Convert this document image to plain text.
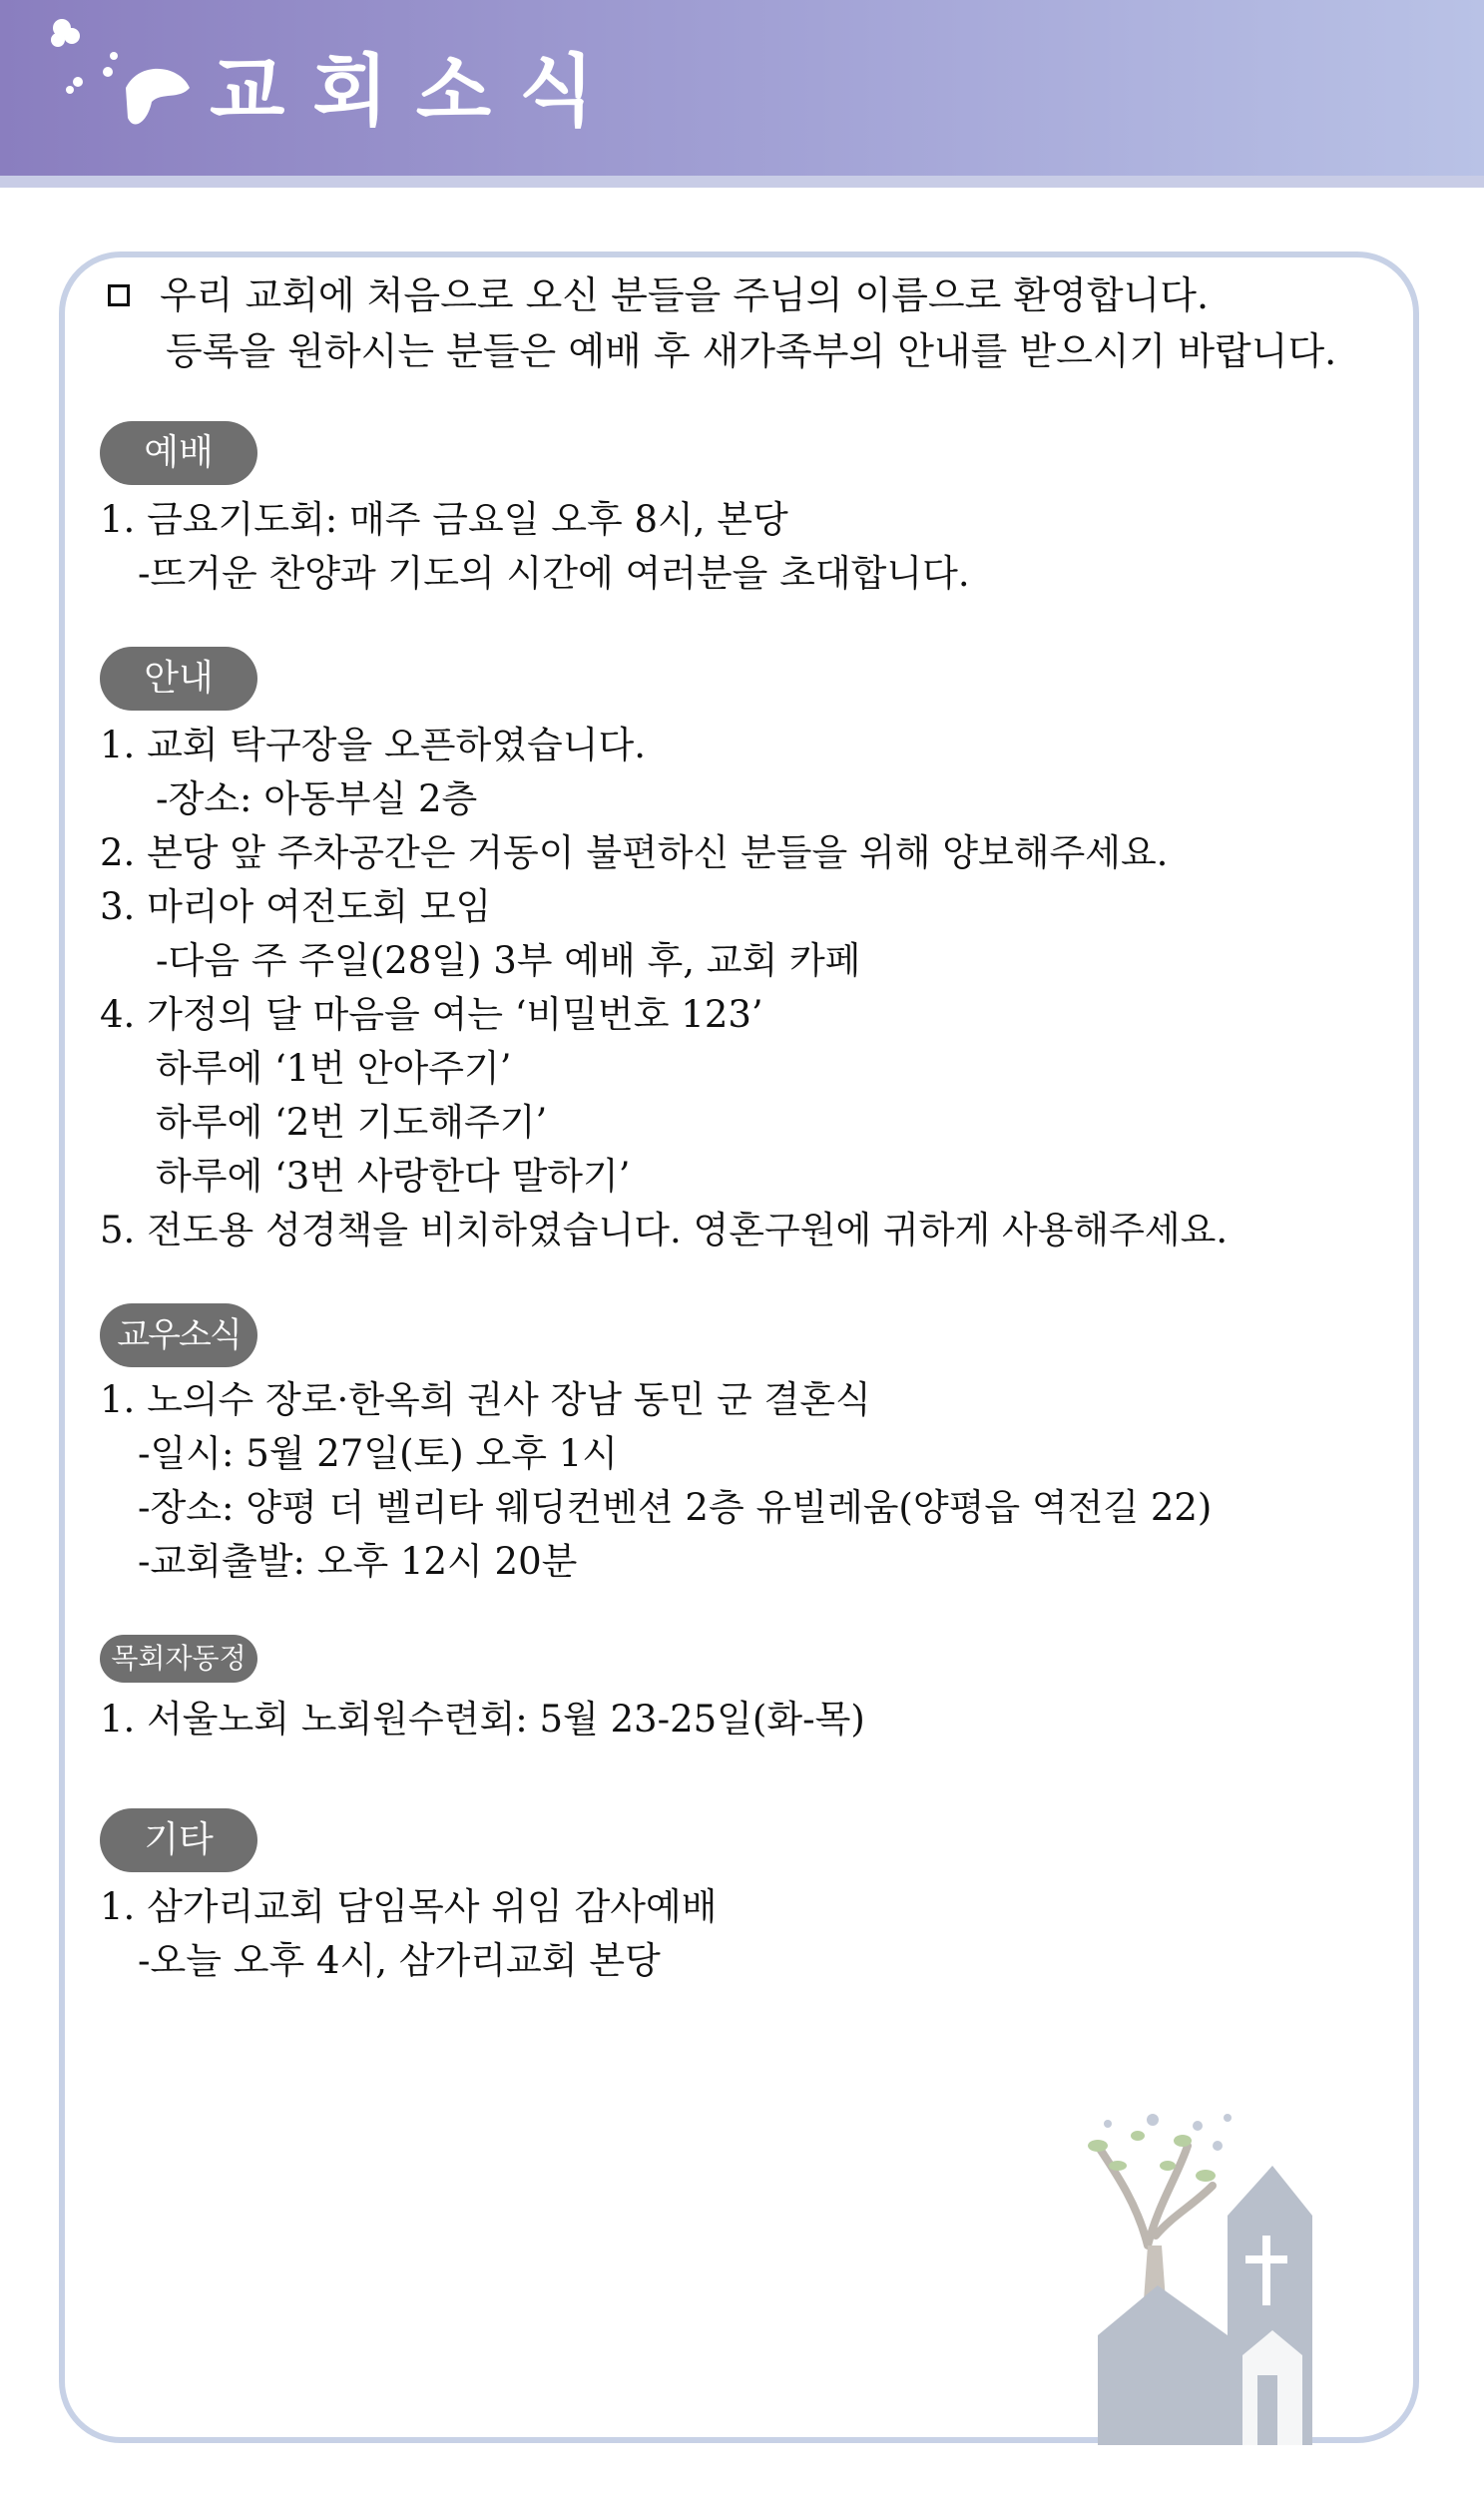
교회소식
우리 교회에 처음으로 오신 분들을 주님의 이름으로 환영합니다.
등록을 원하시는 분들은 예배 후 새가족부의 안내를 받으시기 바랍니다.
예배
1. 금요기도회: 매주 금요일 오후 8시, 본당
-뜨거운 찬양과 기도의 시간에 여러분을 초대합니다.
안내
1. 교회 탁구장을 오픈하였습니다.
-장소: 아동부실 2층
2. 본당 앞 주차공간은 거동이 불편하신 분들을 위해 양보해주세요.
3. 마리아 여전도회 모임
-다음 주 주일(28일) 3부 예배 후, 교회 카페
4. 가정의 달 마음을 여는 ‘비밀번호 123’
하루에 ‘1번 안아주기’
하루에 ‘2번 기도해주기’
하루에 ‘3번 사랑한다 말하기’
5. 전도용 성경책을 비치하였습니다. 영혼구원에 귀하게 사용해주세요.
교우소식
1. 노의수 장로·한옥희 권사 장남 동민 군 결혼식
-일시: 5월 27일(토) 오후 1시
-장소: 양평 더 벨리타 웨딩컨벤션 2층 유빌레움(양평읍 역전길 22)
-교회출발: 오후 12시 20분
목회자동정
1. 서울노회 노회원수련회: 5월 23-25일(화-목)
기타
1. 삼가리교회 담임목사 위임 감사예배
-오늘 오후 4시, 삼가리교회 본당
